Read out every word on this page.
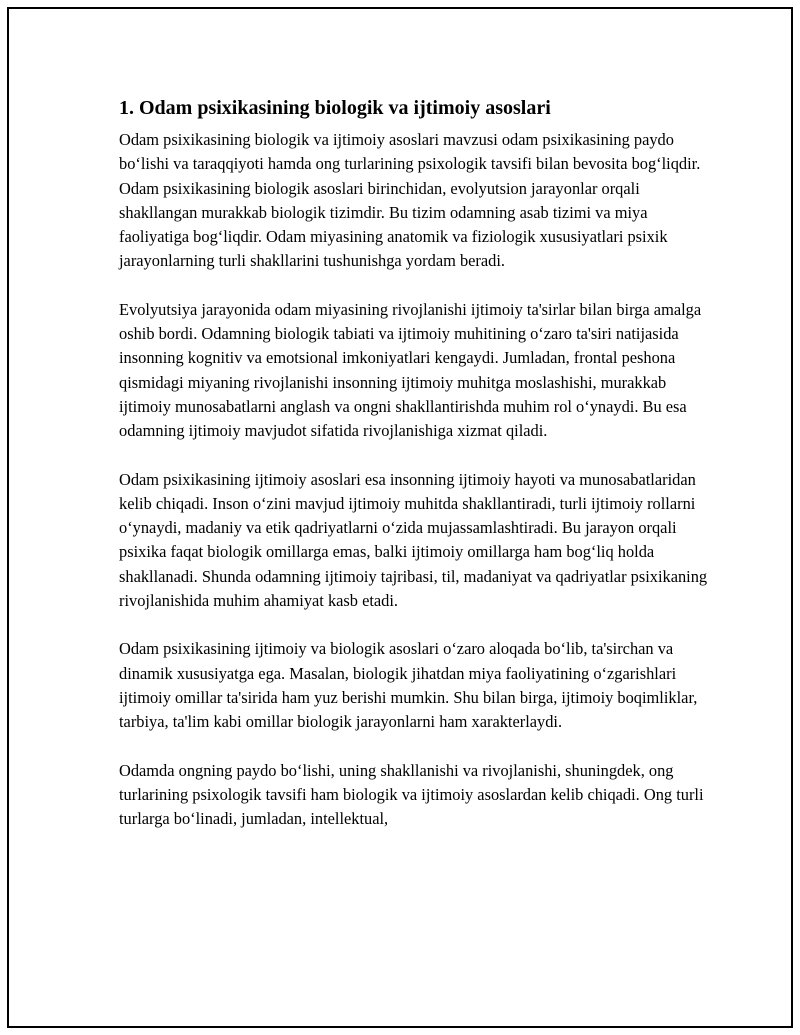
1. Odam psixikasining biologik va ijtimoiy asoslari

Odam psixikasining biologik va ijtimoiy asoslari mavzusi odam psixikasining paydo bo‘lishi va taraqqiyoti hamda ong turlarining psixologik tavsifi bilan bevosita bog‘liqdir. Odam psixikasining biologik asoslari birinchidan, evolyutsion jarayonlar orqali shakllangan murakkab biologik tizimdir. Bu tizim odamning asab tizimi va miya faoliyatiga bog‘liqdir. Odam miyasining anatomik va fiziologik xususiyatlari psixik jarayonlarning turli shakllarini tushunishga yordam beradi.

Evolyutsiya jarayonida odam miyasining rivojlanishi ijtimoiy ta'sirlar bilan birga amalga oshib bordi. Odamning biologik tabiati va ijtimoiy muhitining o‘zaro ta'siri natijasida insonning kognitiv va emotsional imkoniyatlari kengaydi. Jumladan, frontal peshona qismidagi miyaning rivojlanishi insonning ijtimoiy muhitga moslashishi, murakkab ijtimoiy munosabatlarni anglash va ongni shakllantirishda muhim rol o‘ynaydi. Bu esa odamning ijtimoiy mavjudot sifatida rivojlanishiga xizmat qiladi.

Odam psixikasining ijtimoiy asoslari esa insonning ijtimoiy hayoti va munosabatlaridan kelib chiqadi. Inson o‘zini mavjud ijtimoiy muhitda shakllantiradi, turli ijtimoiy rollarni o‘ynaydi, madaniy va etik qadriyatlarni o‘zida mujassamlashtiradi. Bu jarayon orqali psixika faqat biologik omillarga emas, balki ijtimoiy omillarga ham bog‘liq holda shakllanadi. Shunda odamning ijtimoiy tajribasi, til, madaniyat va qadriyatlar psixikaning rivojlanishida muhim ahamiyat kasb etadi.

Odam psixikasining ijtimoiy va biologik asoslari o‘zaro aloqada bo‘lib, ta'sirchan va dinamik xususiyatga ega. Masalan, biologik jihatdan miya faoliyatining o‘zgarishlari ijtimoiy omillar ta'sirida ham yuz berishi mumkin. Shu bilan birga, ijtimoiy boqimliklar, tarbiya, ta'lim kabi omillar biologik jarayonlarni ham xarakterlaydi.

Odamda ongning paydo bo‘lishi, uning shakllanishi va rivojlanishi, shuningdek, ong turlarining psixologik tavsifi ham biologik va ijtimoiy asoslardan kelib chiqadi. Ong turli turlarga bo‘linadi, jumladan, intellektual,
